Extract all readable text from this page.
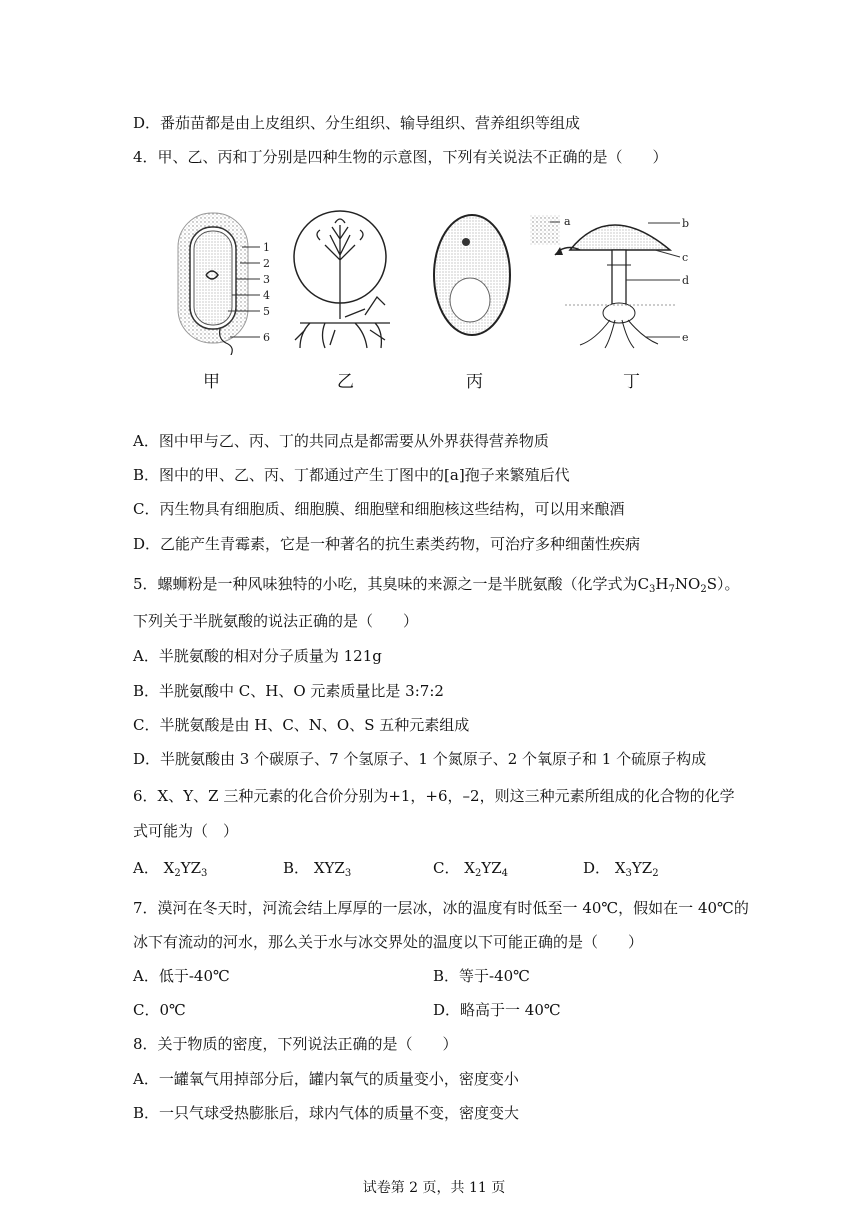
D．番茄苗都是由上皮组织、分生组织、输导组织、营养组织等组成
4．甲、乙、丙和丁分别是四种生物的示意图，下列有关说法不正确的是（　　）
1
2
3
4
5
6
a	b
c
d
e
甲	乙	丙	丁
A．图中甲与乙、丙、丁的共同点是都需要从外界获得营养物质
B．图中的甲、乙、丙、丁都通过产生丁图中的[a]孢子来繁殖后代
C．丙生物具有细胞质、细胞膜、细胞壁和细胞核这些结构，可以用来酿酒
D．乙能产生青霉素，它是一种著名的抗生素类药物，可治疗多种细菌性疾病
5．螺蛳粉是一种风味独特的小吃，其臭味的来源之一是半胱氨酸（化学式为$C_3H_7NO_2S$）。
下列关于半胱氨酸的说法正确的是（　　）
A．半胱氨酸的相对分子质量为 121g
B．半胱氨酸中 C、H、O 元素质量比是 3:7:2
C．半胱氨酸是由 H、C、N、O、S 五种元素组成
D．半胱氨酸由 3 个碳原子、7 个氢原子、1 个氮原子、2 个氧原子和 1 个硫原子构成
6．X、Y、Z 三种元素的化合价分别为+1，+6，–2，则这三种元素所组成的化合物的化学
式可能为（　）
A． $X_2YZ_3$	B． $XYZ_3$	C． $X_2YZ_4$	D． $X_3YZ_2$
7．漠河在冬天时，河流会结上厚厚的一层冰，冰的温度有时低至一 40℃，假如在一 40℃的
冰下有流动的河水，那么关于水与冰交界处的温度以下可能正确的是（　　）
A．低于-40℃	B．等于-40℃
C．0℃	D．略高于一 40℃
8．关于物质的密度，下列说法正确的是（　　）
A．一罐氧气用掉部分后，罐内氧气的质量变小，密度变小
B．一只气球受热膨胀后，球内气体的质量不变，密度变大
试卷第 2 页，共 11 页
